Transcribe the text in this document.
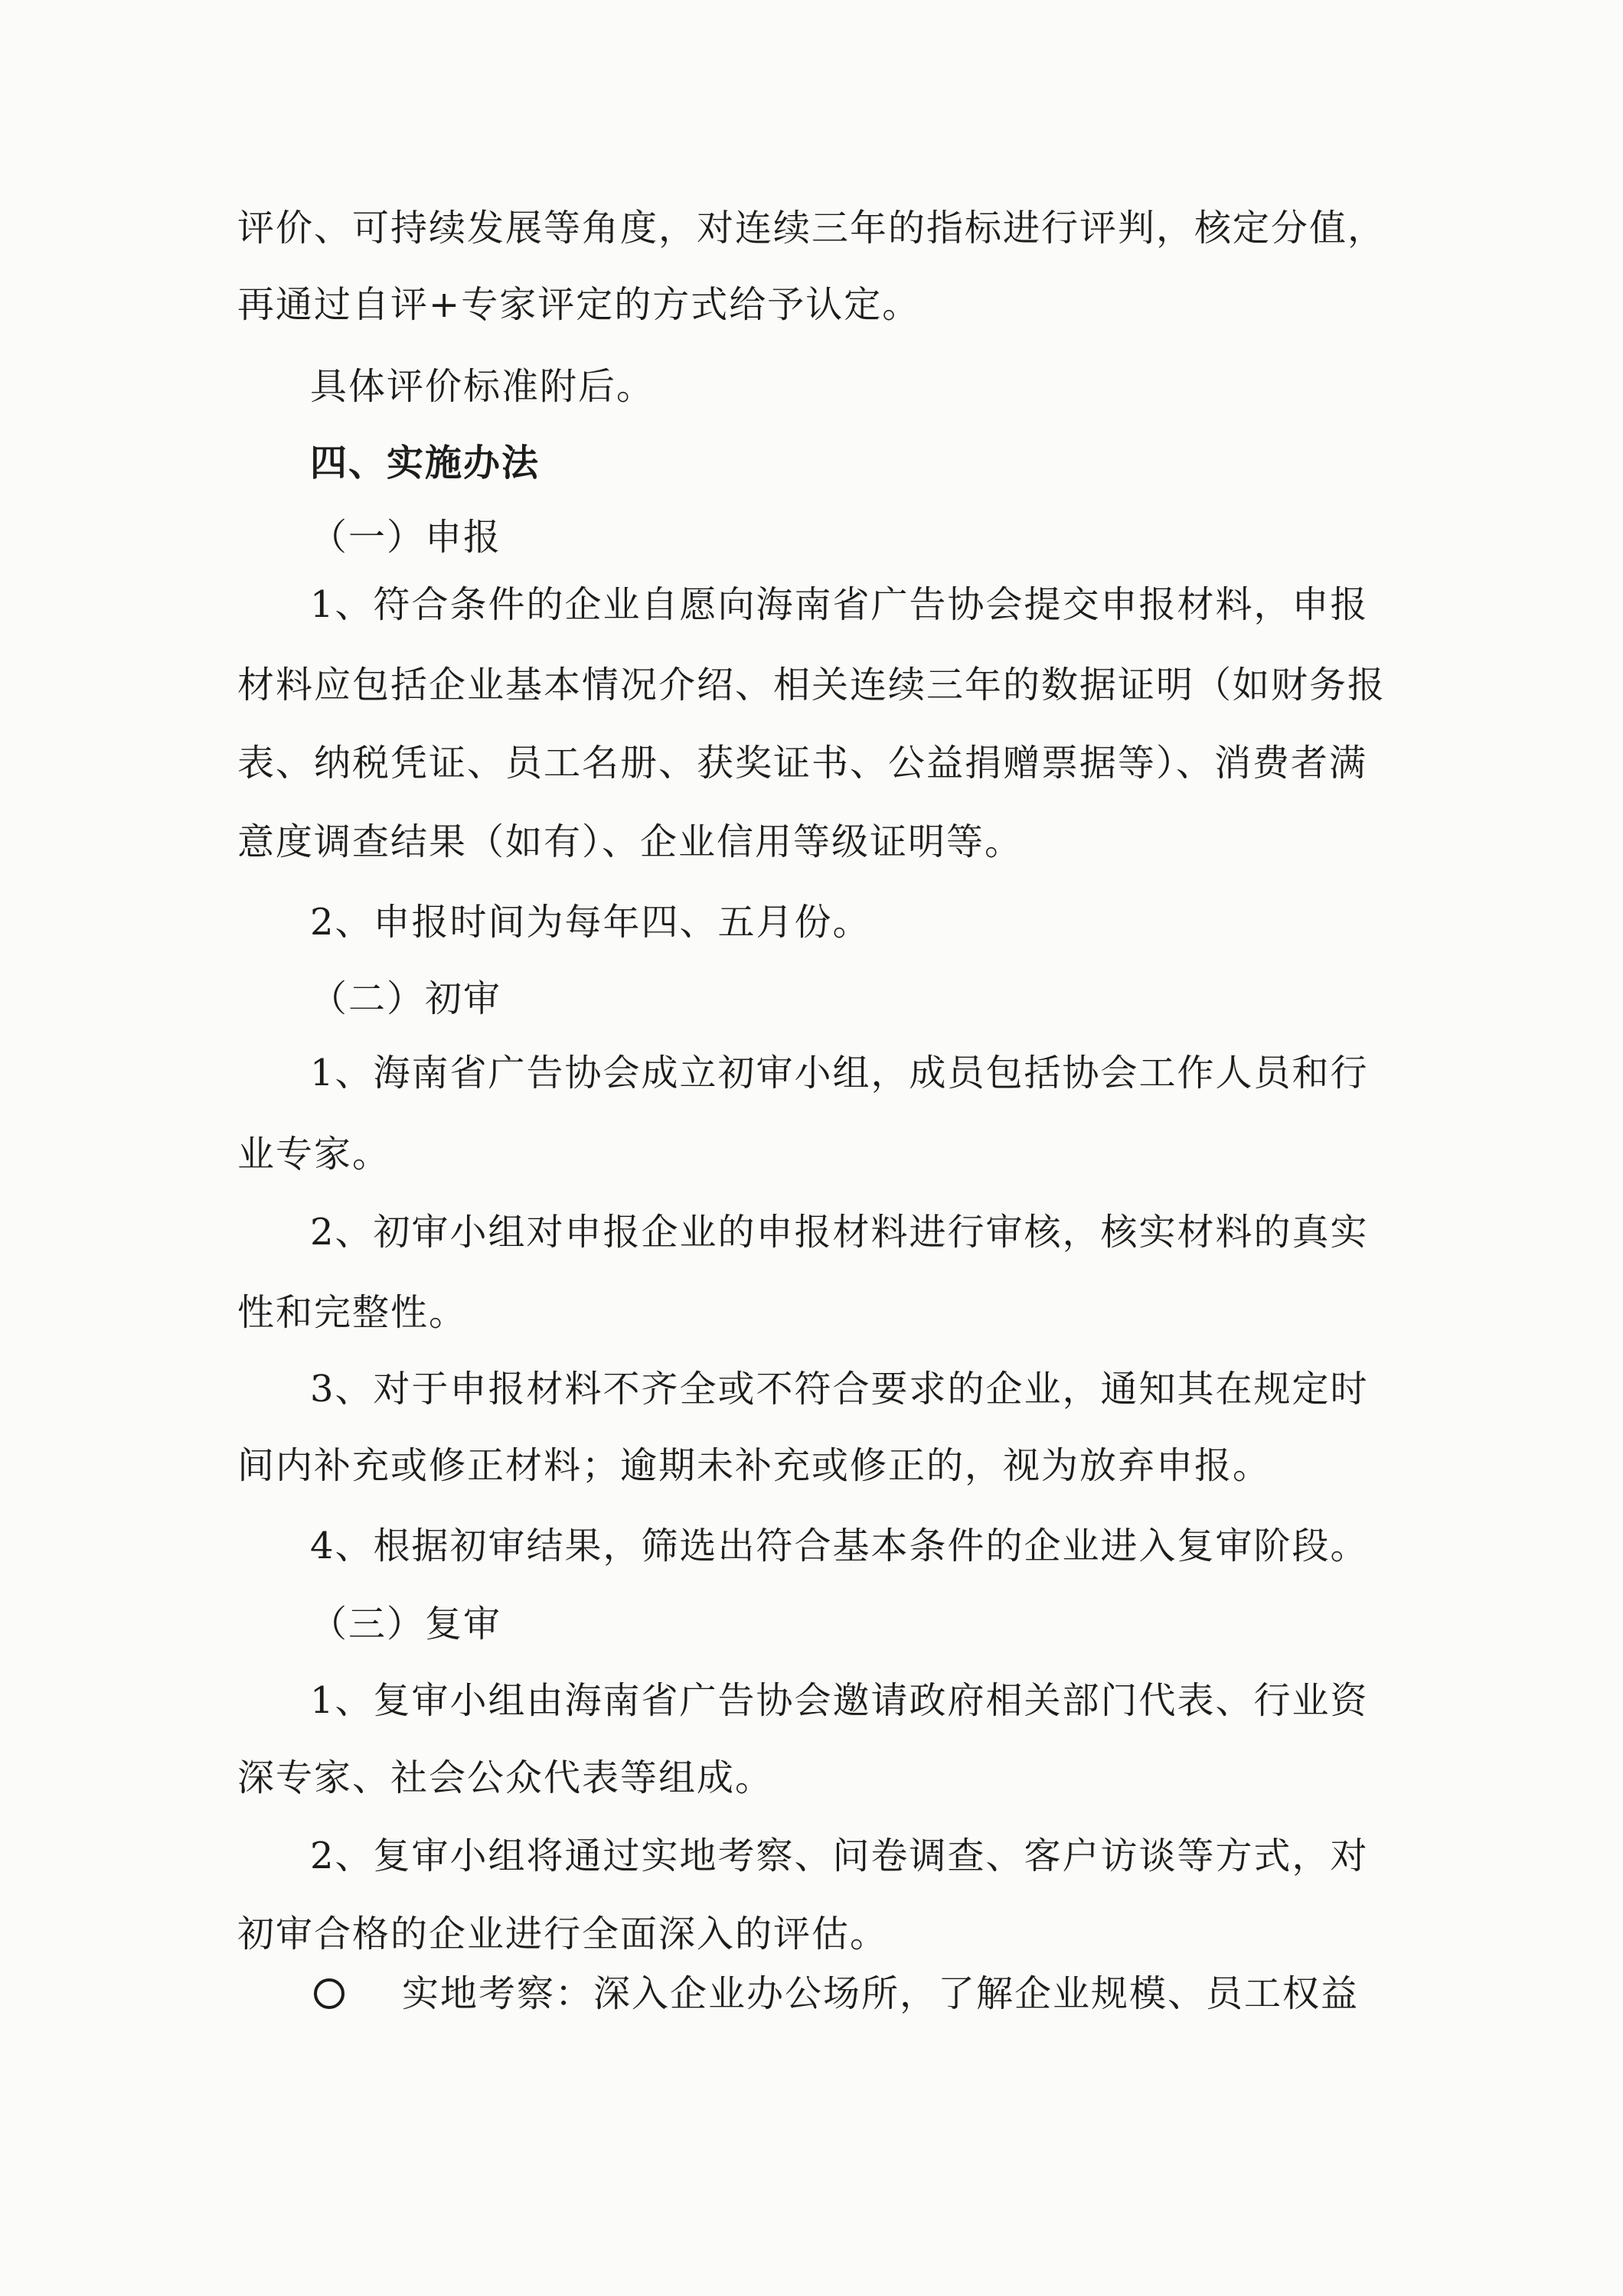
评价、可持续发展等角度，对连续三年的指标进行评判，核定分值，
再通过自评+专家评定的方式给予认定。
具体评价标准附后。
四、实施办法
（一）申报
1、符合条件的企业自愿向海南省广告协会提交申报材料，申报
材料应包括企业基本情况介绍、相关连续三年的数据证明（如财务报
表、纳税凭证、员工名册、获奖证书、公益捐赠票据等）、消费者满
意度调查结果（如有）、企业信用等级证明等。
2、申报时间为每年四、五月份。
（二）初审
1、海南省广告协会成立初审小组，成员包括协会工作人员和行
业专家。
2、初审小组对申报企业的申报材料进行审核，核实材料的真实
性和完整性。
3、对于申报材料不齐全或不符合要求的企业，通知其在规定时
间内补充或修正材料；逾期未补充或修正的，视为放弃申报。
4、根据初审结果，筛选出符合基本条件的企业进入复审阶段。
（三）复审
1、复审小组由海南省广告协会邀请政府相关部门代表、行业资
深专家、社会公众代表等组成。
2、复审小组将通过实地考察、问卷调查、客户访谈等方式，对
初审合格的企业进行全面深入的评估。
实地考察：深入企业办公场所，了解企业规模、员工权益
